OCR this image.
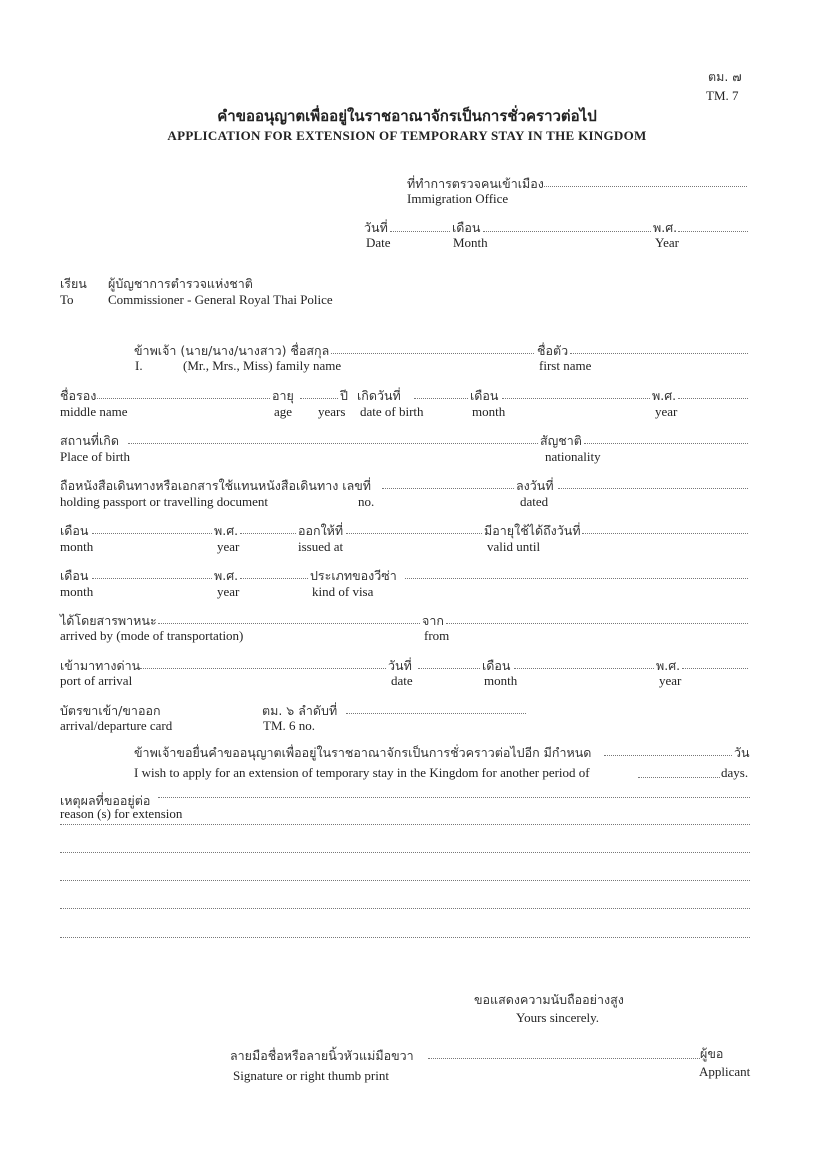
ตม. ๗
TM. 7
คำขออนุญาตเพื่ออยู่ในราชอาณาจักรเป็นการชั่วคราวต่อไป
APPLICATION FOR EXTENSION OF TEMPORARY STAY IN THE KINGDOM
ที่ทำการตรวจคนเข้าเมือง
Immigration Office
วันที่	เดือน	พ.ศ.
Date	Month	Year
เรียน ผู้บัญชาการตำรวจแห่งชาติ
To	Commissioner - General Royal Thai Police
ข้าพเจ้า (นาย/นาง/นางสาว) ชื่อสกุล	ชื่อตัว
I.	(Mr., Mrs., Miss) family name	first name
ชื่อรอง	อายุ	ปี เกิดวันที่	เดือน	พ.ศ.
middle name	age years date of birth	month	year
สถานที่เกิด	สัญชาติ
Place of birth	nationality
ถือหนังสือเดินทางหรือเอกสารใช้แทนหนังสือเดินทาง เลขที่	ลงวันที่
holding passport or travelling document	no.	dated
เดือน	พ.ศ.	ออกให้ที่	มีอายุใช้ได้ถึงวันที่
month	year	issued at	valid until
เดือน	พ.ศ.	ประเภทของวีซ่า
month	year	kind of visa
ได้โดยสารพาหนะ	จาก
arrived by (mode of transportation)	from
เข้ามาทางด่าน	วันที่	เดือน	พ.ศ.
port of arrival	date	month	year
บัตรขาเข้า/ขาออก	ตม. ๖ ลำดับที่
arrival/departure card	TM. 6 no.
ข้าพเจ้าขอยื่นคำขออนุญาตเพื่ออยู่ในราชอาณาจักรเป็นการชั่วคราวต่อไปอีก มีกำหนด	วัน
I wish to apply for an extension of temporary stay in the Kingdom for another period of	days.
เหตุผลที่ขออยู่ต่อ
reason (s) for extension
ขอแสดงความนับถืออย่างสูง
Yours sincerely.
ลายมือชื่อหรือลายนิ้วหัวแม่มือขวา	ผู้ขอ
Signature or right thumb print	Applicant
